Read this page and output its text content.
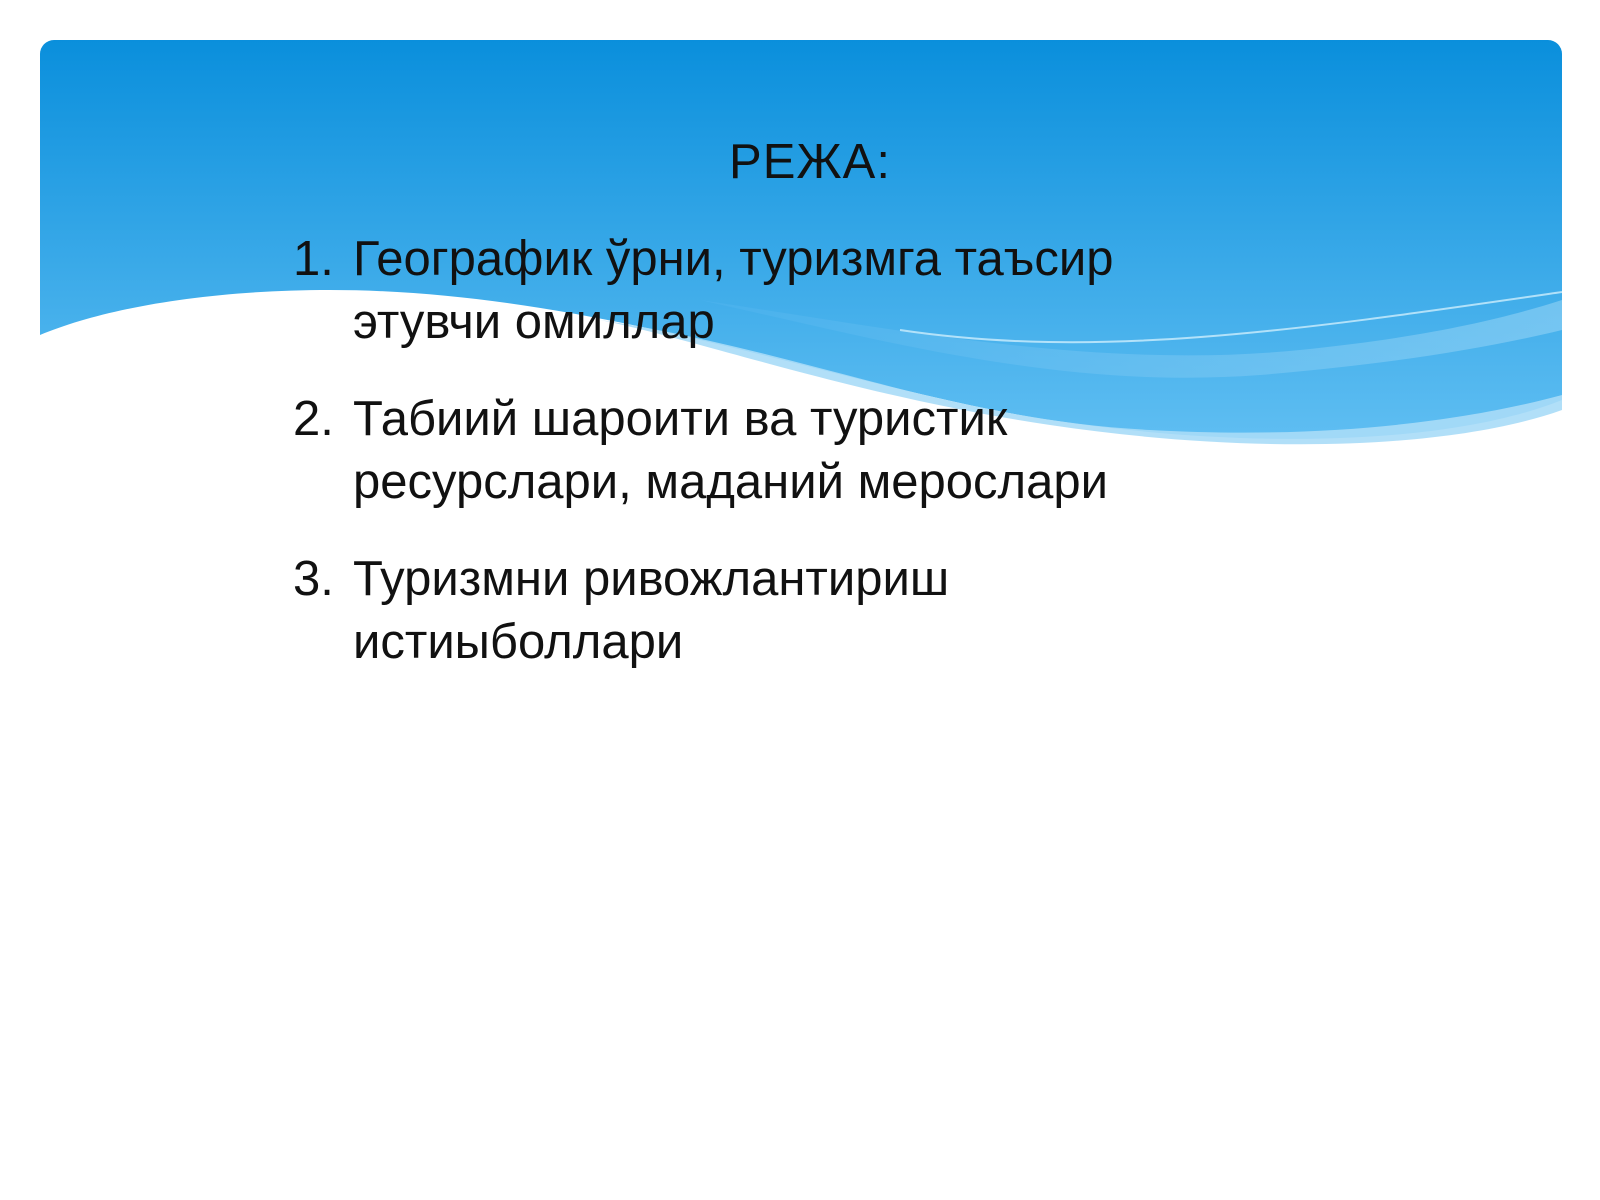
РЕЖА:
1. Географик ўрни, туризмга таъсир этувчи омиллар
2. Табиий шароити ва туристик ресурслари, маданий мерослари
3. Туризмни ривожлантириш истиыболлари
